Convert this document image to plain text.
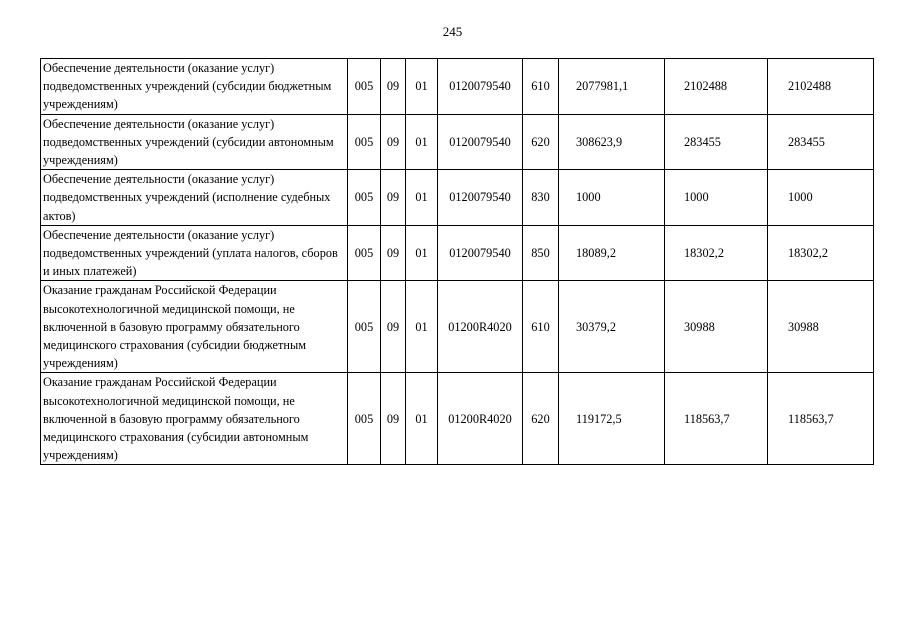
245
Обеспечение деятельности (оказание услуг) подведомственных учреждений (субсидии бюджетным учреждениям)	005	09	01	0120079540	610	2077981,1	2102488	2102488
Обеспечение деятельности (оказание услуг) подведомственных учреждений (субсидии автономным учреждениям)	005	09	01	0120079540	620	308623,9	283455	283455
Обеспечение деятельности (оказание услуг) подведомственных учреждений (исполнение судебных актов)	005	09	01	0120079540	830	1000	1000	1000
Обеспечение деятельности (оказание услуг) подведомственных учреждений (уплата налогов, сборов и иных платежей)	005	09	01	0120079540	850	18089,2	18302,2	18302,2
Оказание гражданам Российской Федерации высокотехнологичной медицинской помощи, не включенной в базовую программу обязательного медицинского страхования (субсидии бюджетным учреждениям)	005	09	01	01200R4020	610	30379,2	30988	30988
Оказание гражданам Российской Федерации высокотехнологичной медицинской помощи, не включенной в базовую программу обязательного медицинского страхования (субсидии автономным учреждениям)	005	09	01	01200R4020	620	119172,5	118563,7	118563,7
